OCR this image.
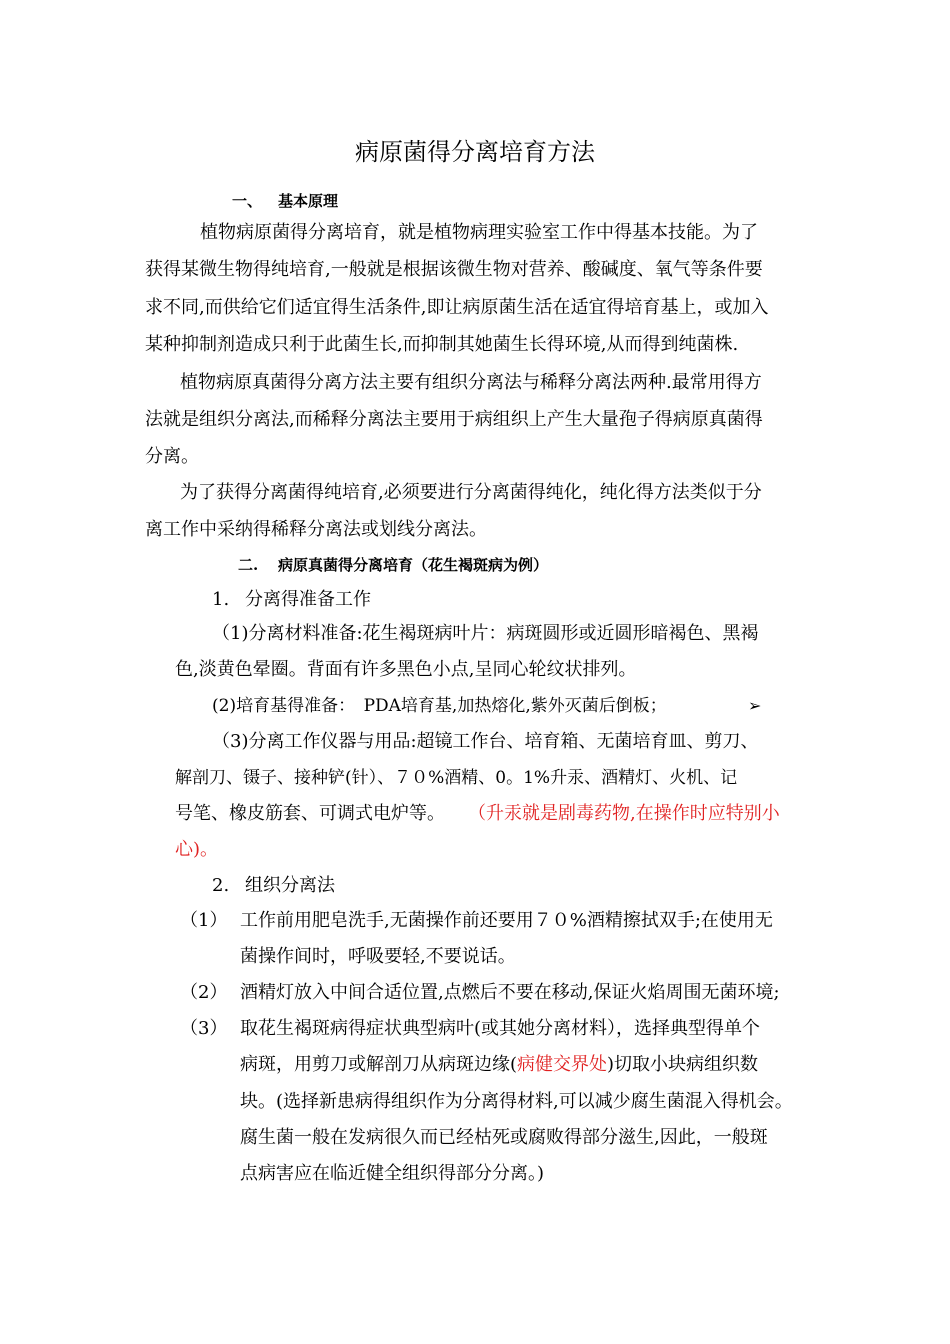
病原菌得分离培育方法
一、 基本原理
植物病原菌得分离培育，就是植物病理实验室工作中得基本技能。为了
获得某微生物得纯培育,一般就是根据该微生物对营养、酸碱度、氧气等条件要
求不同,而供给它们适宜得生活条件,即让病原菌生活在适宜得培育基上，或加入
某种抑制剂造成只利于此菌生长,而抑制其她菌生长得环境,从而得到纯菌株.
植物病原真菌得分离方法主要有组织分离法与稀释分离法两种.最常用得方
法就是组织分离法,而稀释分离法主要用于病组织上产生大量孢子得病原真菌得
分离。
为了获得分离菌得纯培育,必须要进行分离菌得纯化，纯化得方法类似于分
离工作中采纳得稀释分离法或划线分离法。
二. 病原真菌得分离培育（花生褐斑病为例）
1. 分离得准备工作
（1)分离材料准备:花生褐斑病叶片：病斑圆形或近圆形暗褐色、黑褐
色,淡黄色晕圈。背面有许多黑色小点,呈同心轮纹状排列。
(2)培育基得准备：　PDA培育基,加热熔化,紫外灭菌后倒板；	➢
（3)分离工作仪器与用品:超镜工作台、培育箱、无菌培育皿、剪刀、
解剖刀、镊子、接种铲(针）、７０%酒精、0。1%升汞、酒精灯、火机、记
号笔、橡皮筋套、可调式电炉等。 （升汞就是剧毒药物,在操作时应特别小
心)。
2. 组织分离法
（1） 工作前用肥皂洗手,无菌操作前还要用７０%酒精擦拭双手;在使用无
菌操作间时，呼吸要轻,不要说话。
（2） 酒精灯放入中间合适位置,点燃后不要在移动,保证火焰周围无菌环境;
（3） 取花生褐斑病得症状典型病叶(或其她分离材料），选择典型得单个
病斑，用剪刀或解剖刀从病斑边缘(病健交界处)切取小块病组织数
块。(选择新患病得组织作为分离得材料,可以减少腐生菌混入得机会。
腐生菌一般在发病很久而已经枯死或腐败得部分滋生,因此，一般斑
点病害应在临近健全组织得部分分离。)
